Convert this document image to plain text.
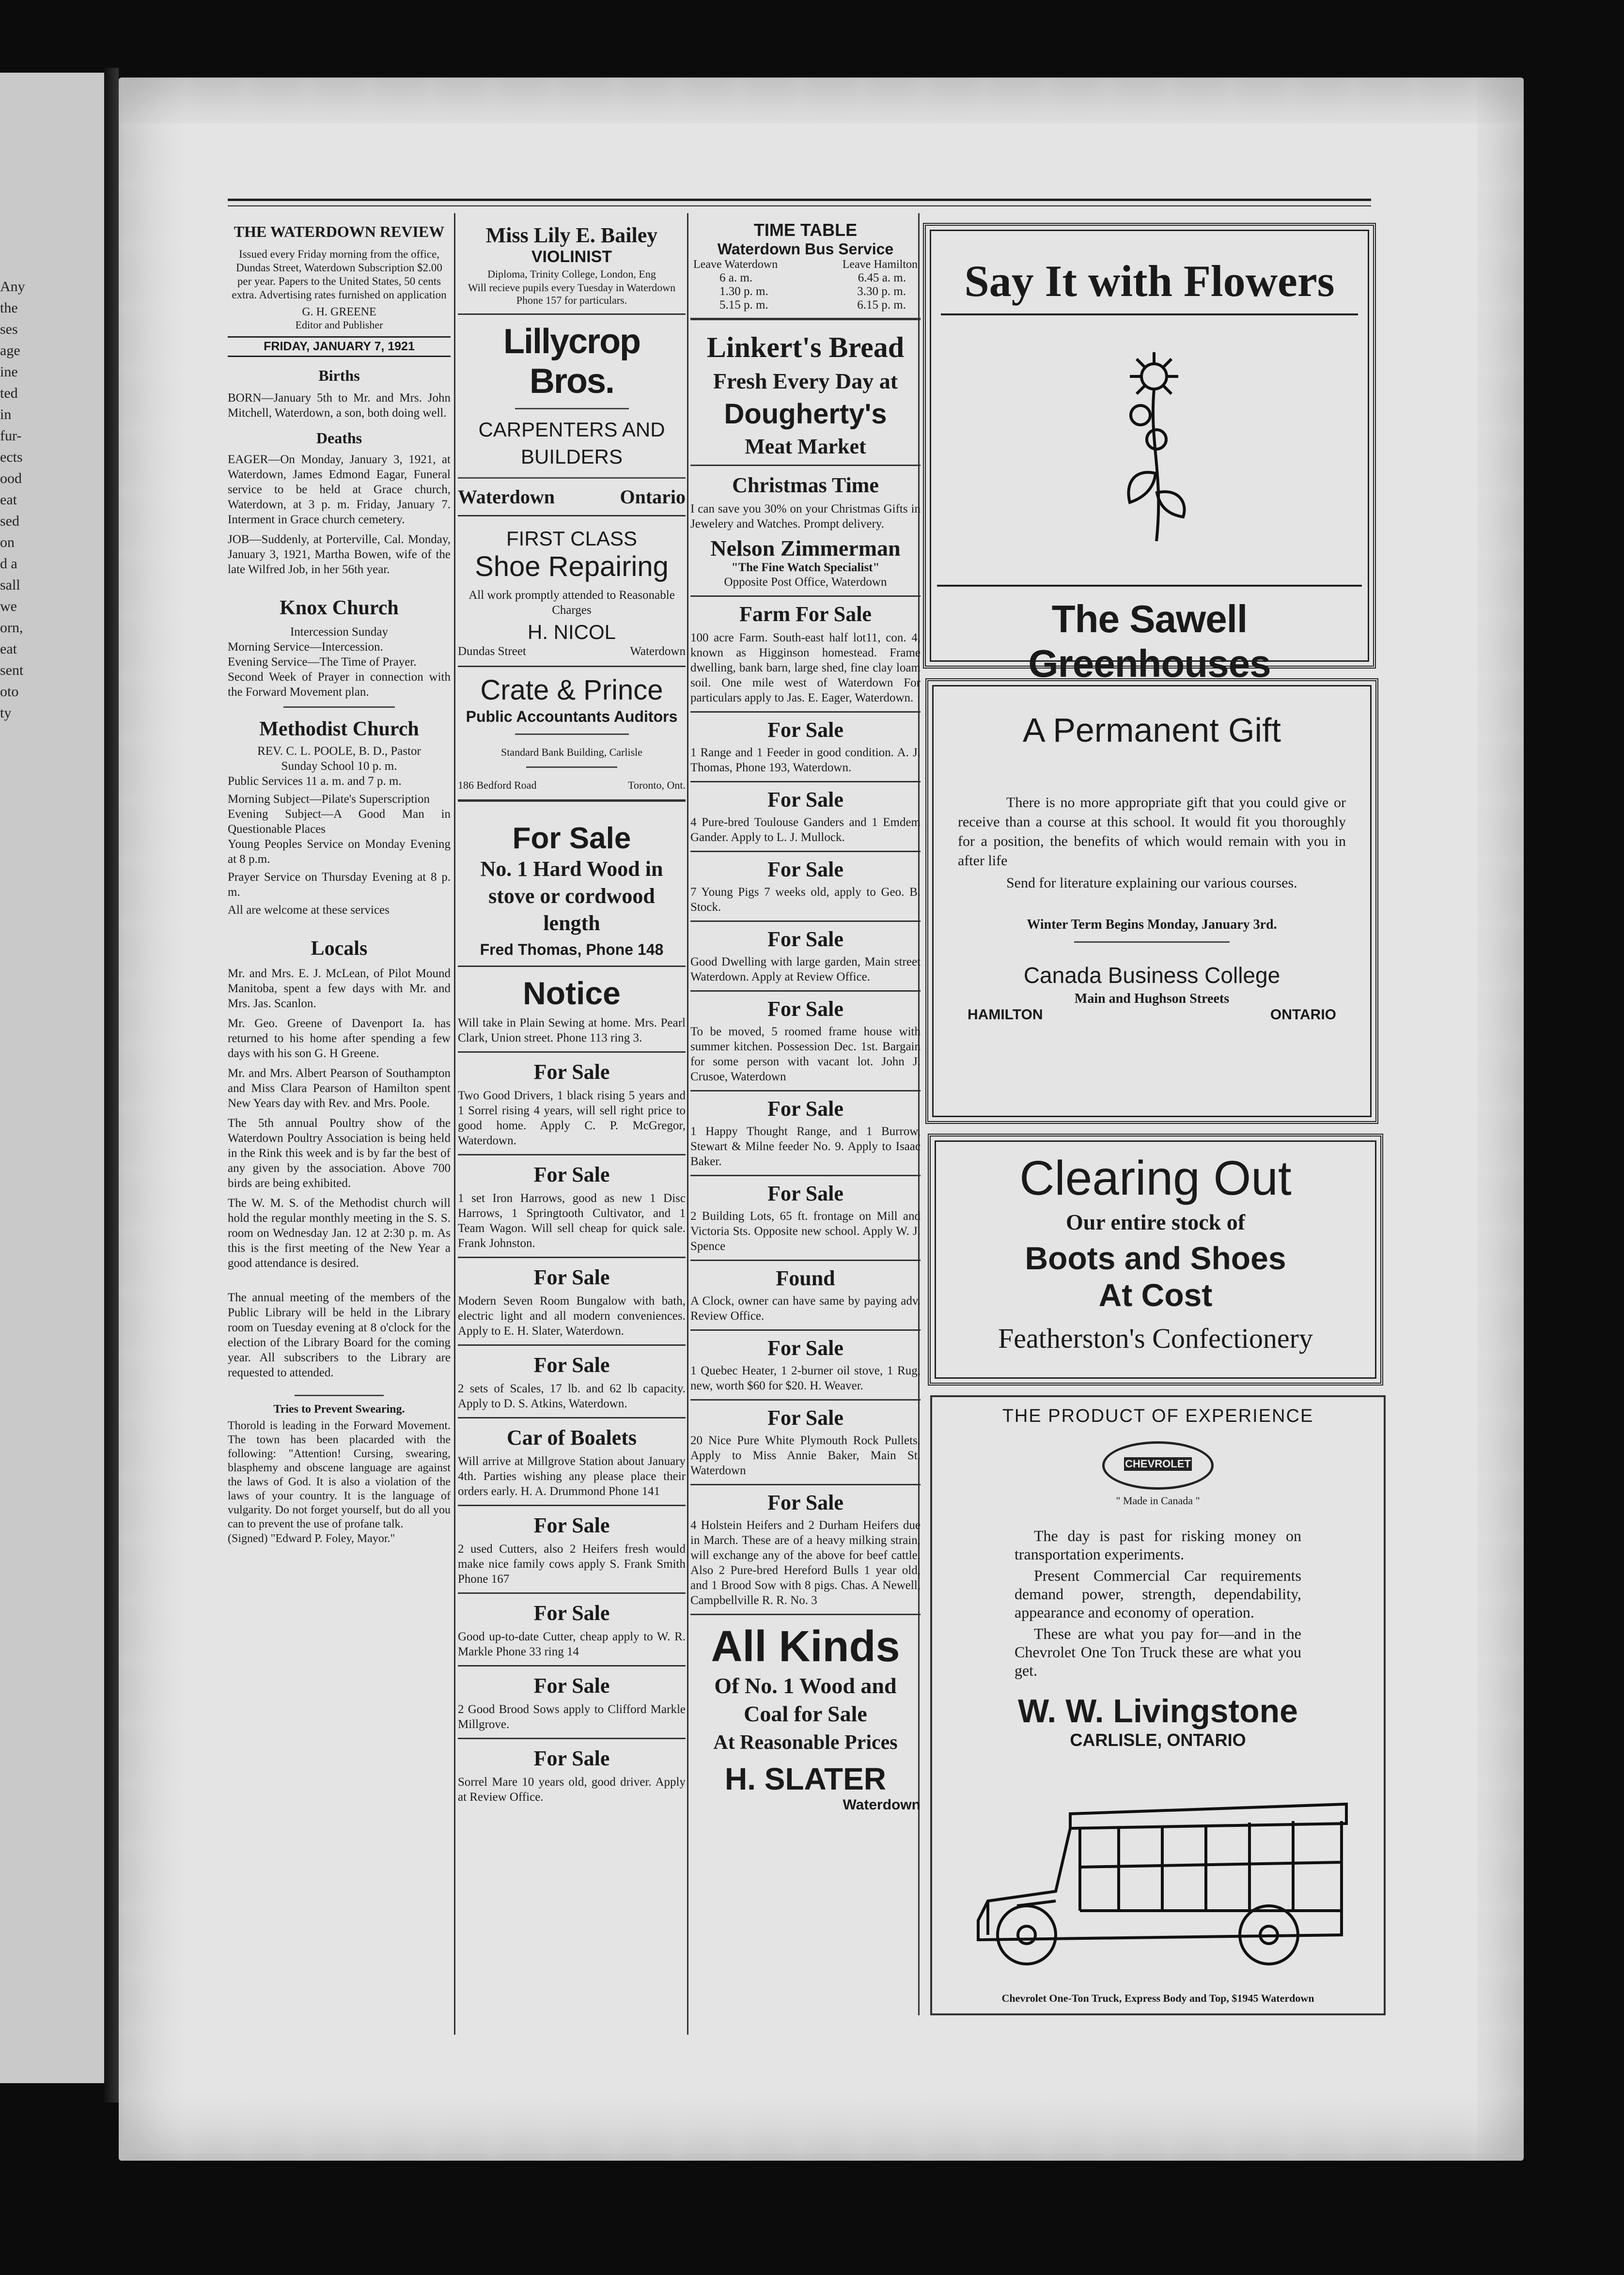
Any
the
ses
age
ine
ted
in
fur-
ects
ood
eat
sed
on
d a
sall
we
orn,
eat
sent
oto
ty
THE WATERDOWN REVIEW
Issued every Friday morning from the office, Dundas Street, Waterdown Subscription $2.00 per year. Papers to the United States, 50 cents extra. Advertising rates furnished on application
G. H. GREENE
Editor and Publisher
FRIDAY, JANUARY 7, 1921
Births
BORN—January 5th to Mr. and Mrs. John Mitchell, Waterdown, a son, both doing well.
Deaths

EAGER—On Monday, January 3, 1921, at Waterdown, James Edmond Eagar, Funeral service to be held at Grace church, Waterdown, at 3 p. m. Friday, January 7. Interment in Grace church cemetery.

JOB—Suddenly, at Porterville, Cal. Monday, January 3, 1921, Martha Bowen, wife of the late Wilfred Job, in her 56th year.

Knox Church
Intercession Sunday
Morning Service—Intercession.
Evening Service—The Time of Prayer.
Second Week of Prayer in connection with the Forward Movement plan.
Methodist Church
REV. C. L. POOLE, B. D., Pastor
Sunday School 10 p. m.
Public Services 11 a. m. and 7 p. m.
Morning Subject—Pilate's Superscription
Evening Subject—A Good Man in Questionable Places
Young Peoples Service on Monday Evening at 8 p.m.
Prayer Service on Thursday Evening at 8 p. m.
All are welcome at these services
Locals

Mr. and Mrs. E. J. McLean, of Pilot Mound Manitoba, spent a few days with Mr. and Mrs. Jas. Scanlon.

Mr. Geo. Greene of Davenport Ia. has returned to his home after spending a few days with his son G. H Greene.

Mr. and Mrs. Albert Pearson of Southampton and Miss Clara Pearson of Hamilton spent New Years day with Rev. and Mrs. Poole.

The 5th annual Poultry show of the Waterdown Poultry Association is being held in the Rink this week and is by far the best of any given by the association. Above 700 birds are being exhibited.

The W. M. S. of the Methodist church will hold the regular monthly meeting in the S. S. room on Wednesday Jan. 12 at 2:30 p. m. As this is the first meeting of the New Year a good attendance is desired.

The annual meeting of the members of the Public Library will be held in the Library room on Tuesday evening at 8 o'clock for the election of the Library Board for the coming year. All subscribers to the Library are requested to attended.

Tries to Prevent Swearing.
Thorold is leading in the Forward Movement. The town has been placarded with the following: "Attention! Cursing, swearing, blasphemy and obscene language are against the laws of God. It is also a violation of the laws of your country. It is the language of vulgarity. Do not forget yourself, but do all you can to prevent the use of profane talk.
(Signed) "Edward P. Foley, Mayor."
Miss Lily E. Bailey
VIOLINIST
Diploma, Trinity College, London, Eng
Will recieve pupils every Tuesday in Waterdown Phone 157 for particulars.
Lillycrop Bros.
CARPENTERS AND BUILDERS
Waterdown	Ontario
FIRST CLASS
Shoe Repairing
All work promptly attended to Reasonable Charges
H. NICOL
Dundas Street	Waterdown
Crate & Prince
Public Accountants Auditors
Standard Bank Building, Carlisle
186 Bedford Road	Toronto, Ont.
For Sale
No. 1 Hard Wood in stove or cordwood length
Fred Thomas, Phone 148
Notice
Will take in Plain Sewing at home. Mrs. Pearl Clark, Union street. Phone 113 ring 3.
For Sale
Two Good Drivers, 1 black rising 5 years and 1 Sorrel rising 4 years, will sell right price to good home. Apply C. P. McGregor, Waterdown.
For Sale
1 set Iron Harrows, good as new 1 Disc Harrows, 1 Springtooth Cultivator, and 1 Team Wagon. Will sell cheap for quick sale. Frank Johnston.
For Sale
Modern Seven Room Bungalow with bath, electric light and all modern conveniences. Apply to E. H. Slater, Waterdown.
For Sale
2 sets of Scales, 17 lb. and 62 lb capacity. Apply to D. S. Atkins, Waterdown.
Car of Boalets
Will arrive at Millgrove Station about January 4th. Parties wishing any please place their orders early. H. A. Drummond Phone 141
For Sale
2 used Cutters, also 2 Heifers fresh would make nice family cows apply S. Frank Smith Phone 167
For Sale
Good up-to-date Cutter, cheap apply to W. R. Markle Phone 33 ring 14
For Sale
2 Good Brood Sows apply to Clifford Markle Millgrove.
For Sale
Sorrel Mare 10 years old, good driver. Apply at Review Office.
TIME TABLE
Waterdown Bus Service
Leave Waterdown	Leave Hamilton
6 a. m.	6.45 a. m.
1.30 p. m.	3.30 p. m.
5.15 p. m.	6.15 p. m.
Linkert's Bread
Fresh Every Day at
Dougherty's
Meat Market
Christmas Time
I can save you 30% on your Christmas Gifts in Jewelery and Watches. Prompt delivery.
Nelson Zimmerman
"The Fine Watch Specialist"
Opposite Post Office, Waterdown
Farm For Sale
100 acre Farm. South-east half lot11, con. 4, known as Higginson homestead. Frame dwelling, bank barn, large shed, fine clay loam soil. One mile west of Waterdown For particulars apply to Jas. E. Eager, Waterdown.
For Sale
1 Range and 1 Feeder in good condition. A. J. Thomas, Phone 193, Waterdown.
For Sale
4 Pure-bred Toulouse Ganders and 1 Emdem Gander. Apply to L. J. Mullock.
For Sale
7 Young Pigs 7 weeks old, apply to Geo. B. Stock.
For Sale
Good Dwelling with large garden, Main street Waterdown. Apply at Review Office.
For Sale
To be moved, 5 roomed frame house with summer kitchen. Possession Dec. 1st. Bargain for some person with vacant lot. John J. Crusoe, Waterdown
For Sale
1 Happy Thought Range, and 1 Burrow, Stewart & Milne feeder No. 9. Apply to Isaac Baker.
For Sale
2 Building Lots, 65 ft. frontage on Mill and Victoria Sts. Opposite new school. Apply W. J. Spence
Found
A Clock, owner can have same by paying adv. Review Office.
For Sale
1 Quebec Heater, 1 2-burner oil stove, 1 Rug, new, worth $60 for $20. H. Weaver.
For Sale
20 Nice Pure White Plymouth Rock Pullets. Apply to Miss Annie Baker, Main St. Waterdown
For Sale
4 Holstein Heifers and 2 Durham Heifers due in March. These are of a heavy milking strain, will exchange any of the above for beef cattle. Also 2 Pure-bred Hereford Bulls 1 year old, and 1 Brood Sow with 8 pigs. Chas. A Newell, Campbellville R. R. No. 3
All Kinds
Of No. 1 Wood and Coal for Sale
At Reasonable Prices
H. SLATER
Waterdown
Say It with Flowers
The Sawell Greenhouses
A Permanent Gift
There is no more appropriate gift that you could give or receive than a course at this school. It would fit you thoroughly for a position, the benefits of which would remain with you in after life
Send for literature explaining our various courses.
Winter Term Begins Monday, January 3rd.
Canada Business College
Main and Hughson Streets
HAMILTON	ONTARIO
Clearing Out
Our entire stock of
Boots and Shoes
At Cost
Featherston's Confectionery
THE PRODUCT OF EXPERIENCE
CHEVROLET
" Made in Canada "
The day is past for risking money on transportation experiments.
Present Commercial Car requirements demand power, strength, dependability, appearance and economy of operation.
These are what you pay for—and in the Chevrolet One Ton Truck these are what you get.
W. W. Livingstone
CARLISLE, ONTARIO
Chevrolet One-Ton Truck, Express Body and Top, $1945 Waterdown
